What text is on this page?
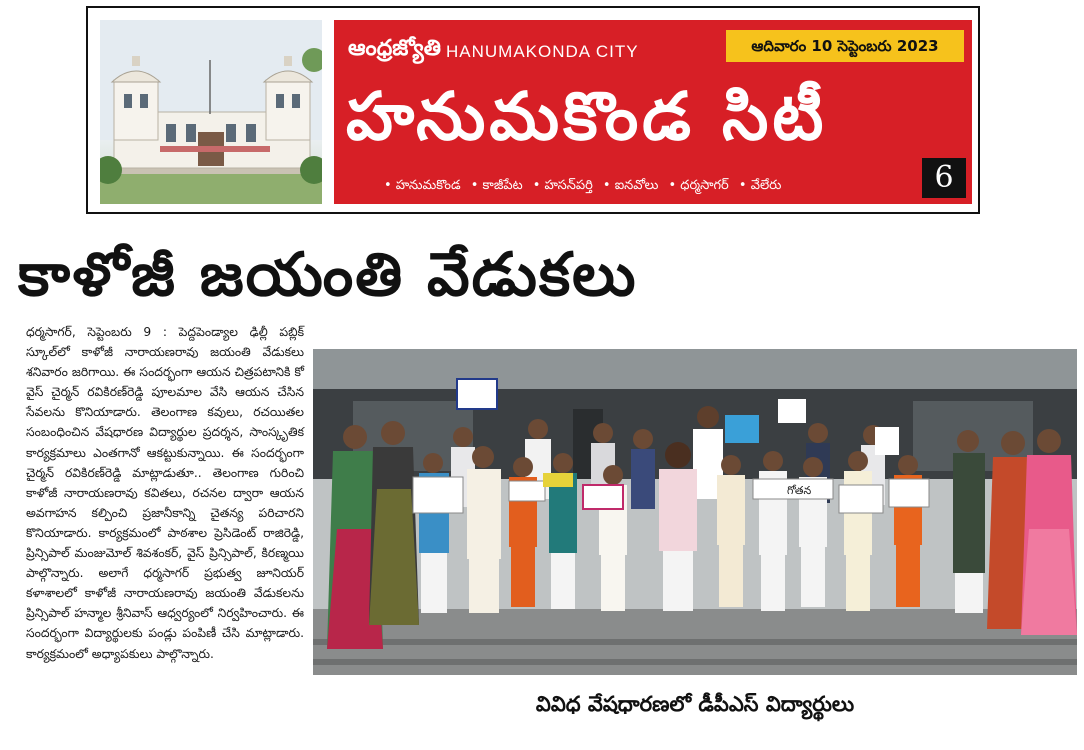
ఆంధ్రజ్యోతి HANUMAKONDA CITY	ఆదివారం 10 సెప్టెంబరు 2023
హనుమకొండ సిటీ
• హనుమకొండ • కాజీపేట • హసన్‌పర్తి • ఐనవోలు • ధర్మసాగర్ • వేలేరు	6
కాళోజీ జయంతి వేడుకలు
ధర్మసాగర్, సెప్టెంబరు 9 : పెద్దపెండ్యాల ఢిల్లీ పబ్లిక్ స్కూల్‌లో కాళోజీ నారాయణరావు జయంతి వేడుకలు శనివారం జరిగాయి. ఈ సందర్భంగా ఆయన చిత్రపటానికి కో వైస్ చైర్మన్ రవికిరణ్‌రెడ్డి పూలమాల వేసి ఆయన చేసిన సేవలను కొనియాడారు. తెలంగాణ కవులు, రచయితల సంబంధించిన వేషధారణ విద్యార్థుల ప్రదర్శన, సాంస్కృతిక కార్యక్రమాలు ఎంతగానో ఆకట్టుకున్నాయి. ఈ సందర్భంగా చైర్మన్ రవికిరణ్‌రెడ్డి మాట్లాడుతూ.. తెలంగాణ గురించి కాళోజీ నారాయణరావు కవితలు, రచనల ద్వారా ఆయన అవగాహన కల్పించి ప్రజానీకాన్ని చైతన్య పరిచారని కొనియాడారు. కార్యక్రమంలో పాఠశాల ప్రెసిడెంట్ రాజిరెడ్డి, ప్రిన్సిపాల్ మంజుమోల్ శివశంకర్, వైస్ ప్రిన్సిపాల్, కిరణ్మయి పాల్గొన్నారు. అలాగే ధర్మసాగర్ ప్రభుత్వ జూనియర్ కళాశాలలో కాళోజీ నారాయణరావు జయంతి వేడుకలను ప్రిన్సిపాల్ హన్మాల శ్రీనివాస్ ఆధ్వర్యంలో నిర్వహించారు. ఈ సందర్భంగా విద్యార్థులకు పండ్లు పంపిణీ చేసి మాట్లాడారు. కార్యక్రమంలో అధ్యాపకులు పాల్గొన్నారు.
గోతన
వివిధ వేషధారణలో డీపీఎస్ విద్యార్థులు
